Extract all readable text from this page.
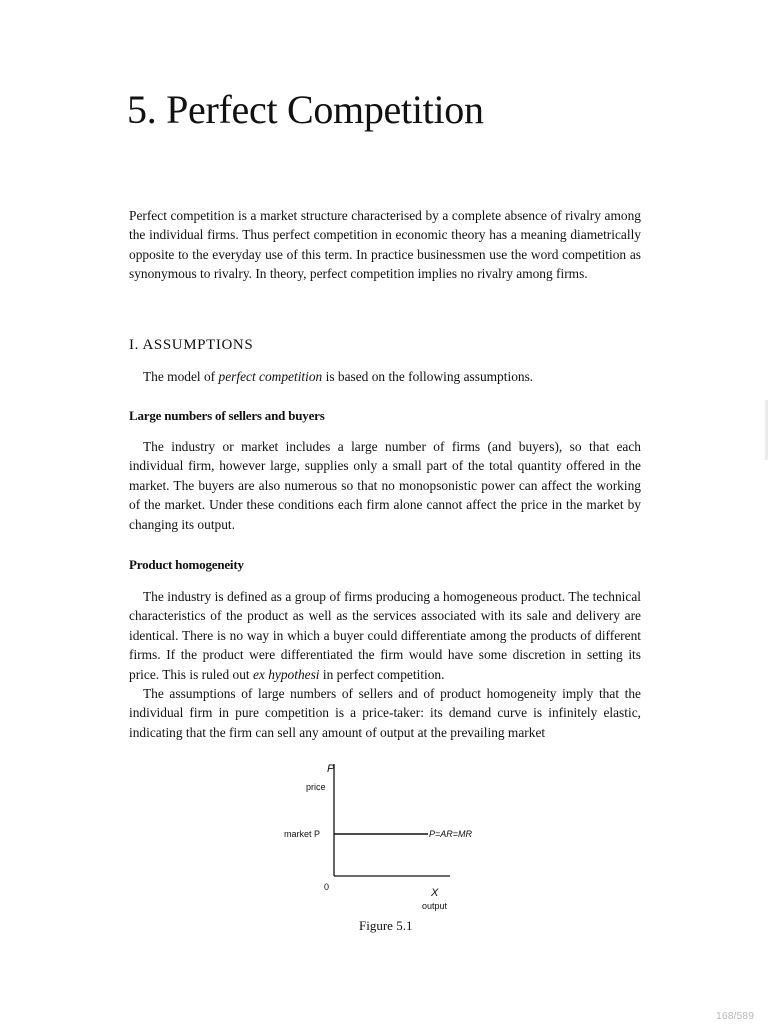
5. Perfect Competition

Perfect competition is a market structure characterised by a complete absence of rivalry among the individual firms. Thus perfect competition in economic theory has a meaning diametrically opposite to the everyday use of this term. In practice businessmen use the word competition as synonymous to rivalry. In theory, perfect competition implies no rivalry among firms.

I. ASSUMPTIONS

The model of perfect competition is based on the following assumptions.

Large numbers of sellers and buyers

The industry or market includes a large number of firms (and buyers), so that each individual firm, however large, supplies only a small part of the total quantity offered in the market. The buyers are also numerous so that no monopsonistic power can affect the working of the market. Under these conditions each firm alone cannot affect the price in the market by changing its output.

Product homogeneity

The industry is defined as a group of firms producing a homogeneous product. The technical characteristics of the product as well as the services associated with its sale and delivery are identical. There is no way in which a buyer could differentiate among the products of different firms. If the product were differentiated the firm would have some discretion in setting its price. This is ruled out ex hypothesi in perfect competition.

The assumptions of large numbers of sellers and of product homogeneity imply that the individual firm in pure competition is a price-taker: its demand curve is infinitely elastic, indicating that the firm can sell any amount of output at the prevailing market

P
price
market P	P=AR=MR
0	X
output

Figure 5.1

168/589
